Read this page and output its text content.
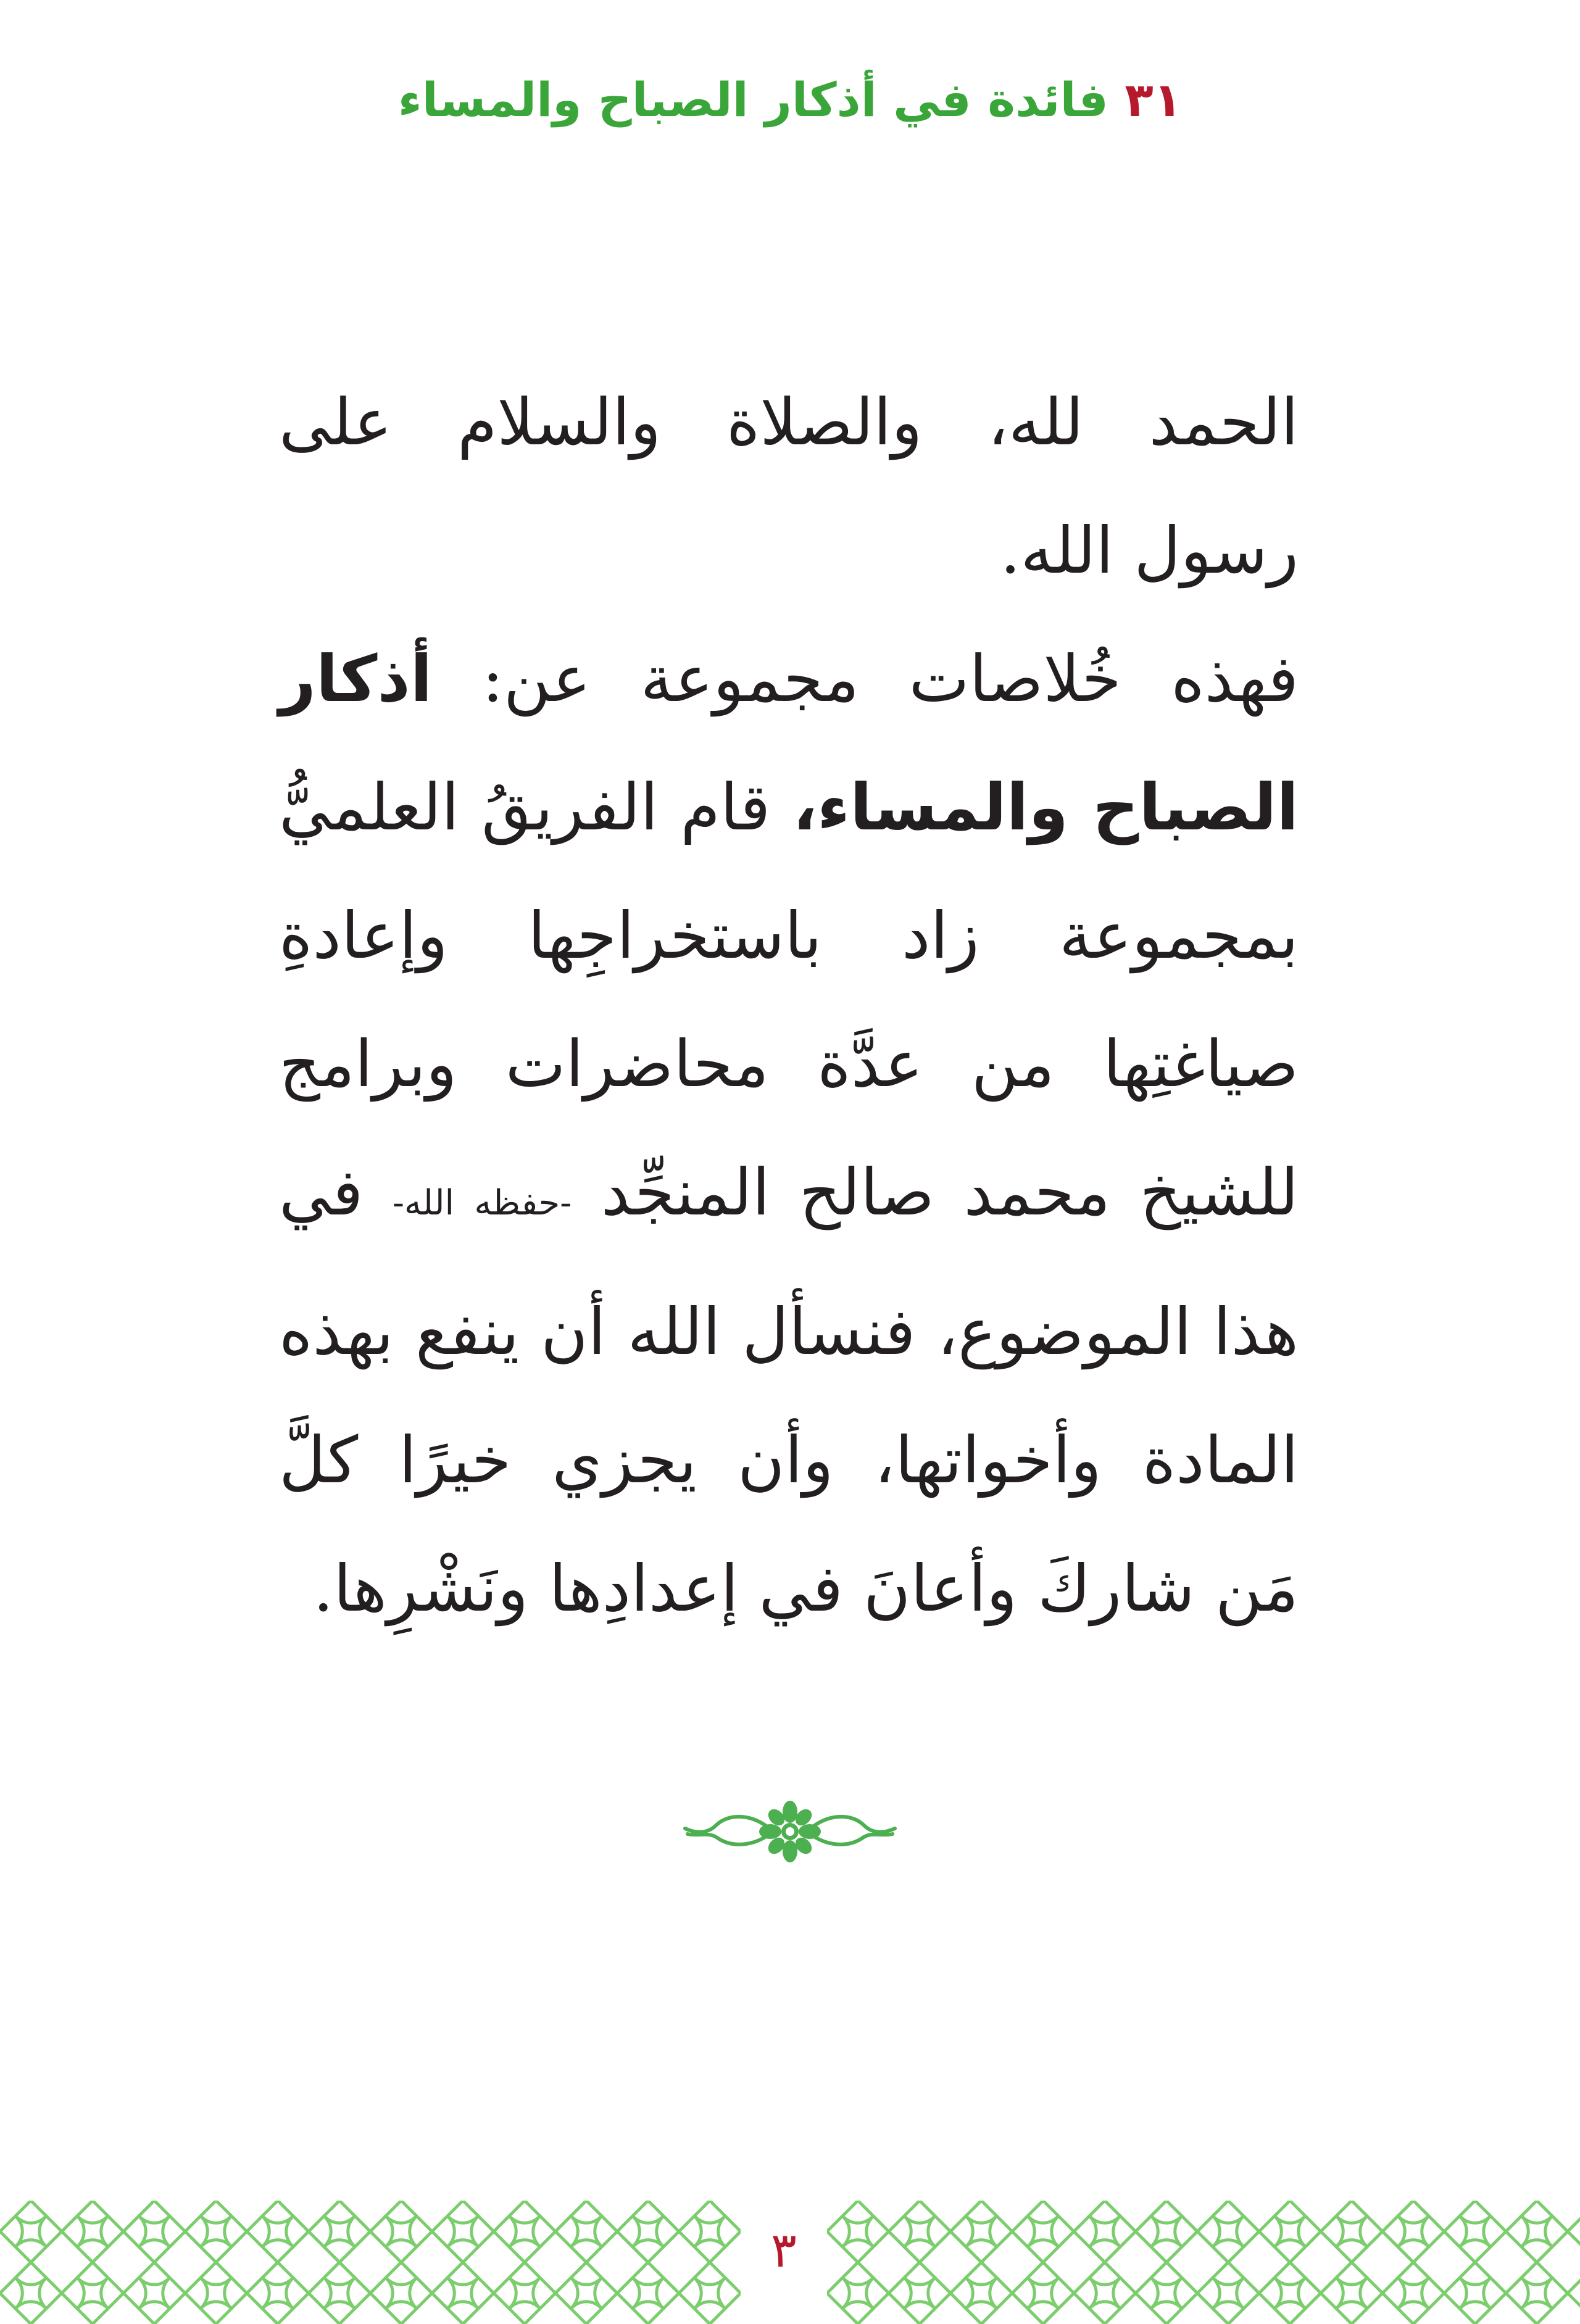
٣١ فائدة في أذكار الصباح والمساء

الحمد لله، والصلاة والسلام على رسول الله.

فهذه خُلاصات مجموعة عن: أذكار الصباح والمساء، قام الفريقُ العلميُّ بمجموعة زاد باستخراجِها وإعادةِ صياغتِها من عدَّة محاضرات وبرامج للشيخ محمد صالح المنجِّد -حفظه الله- في هذا الموضوع، فنسأل الله أن ينفع بهذه المادة وأخواتها، وأن يجزي خيرًا كلَّ مَن شاركَ وأعانَ في إعدادِها ونَشْرِها.

٣
